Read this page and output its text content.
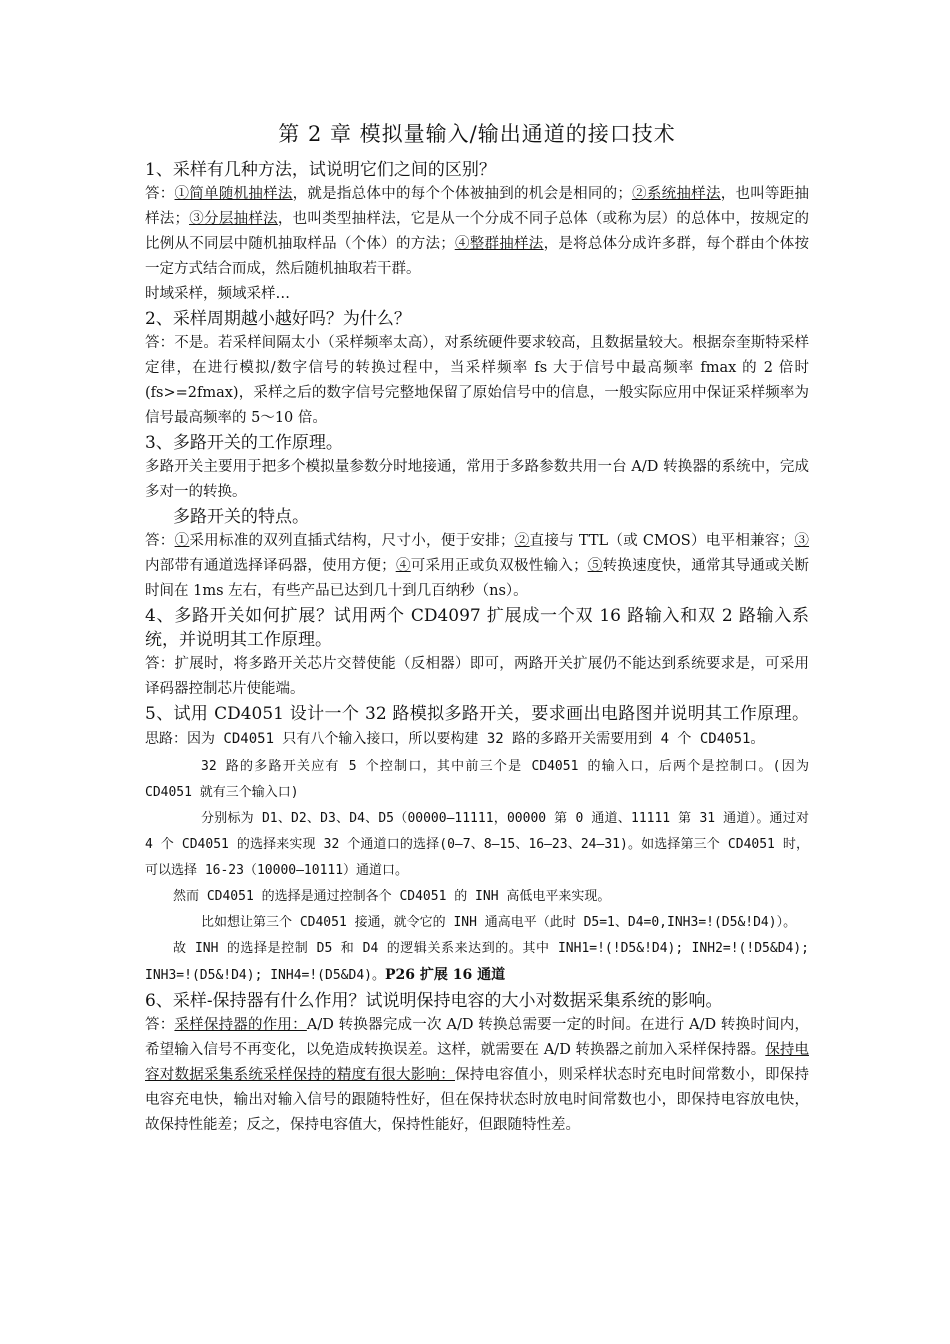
第 2 章 模拟量输入/输出通道的接口技术
1、采样有几种方法，试说明它们之间的区别？
答：①简单随机抽样法，就是指总体中的每个个体被抽到的机会是相同的；②系统抽样法，也叫等距抽样法；③分层抽样法，也叫类型抽样法，它是从一个分成不同子总体（或称为层）的总体中，按规定的比例从不同层中随机抽取样品（个体）的方法；④整群抽样法，是将总体分成许多群，每个群由个体按一定方式结合而成，然后随机抽取若干群。
时域采样，频域采样…
2、采样周期越小越好吗？为什么？
答：不是。若采样间隔太小（采样频率太高），对系统硬件要求较高，且数据量较大。根据奈奎斯特采样定律，在进行模拟/数字信号的转换过程中，当采样频率 fs 大于信号中最高频率 fmax 的 2 倍时(fs>=2fmax)，采样之后的数字信号完整地保留了原始信号中的信息，一般实际应用中保证采样频率为信号最高频率的 5～10 倍。
3、多路开关的工作原理。
多路开关主要用于把多个模拟量参数分时地接通，常用于多路参数共用一台 A/D 转换器的系统中，完成多对一的转换。
多路开关的特点。
答：①采用标准的双列直插式结构，尺寸小，便于安排；②直接与 TTL（或 CMOS）电平相兼容；③内部带有通道选择译码器，使用方便；④可采用正或负双极性输入；⑤转换速度快，通常其导通或关断时间在 1ms 左右，有些产品已达到几十到几百纳秒（ns）。
4、多路开关如何扩展？试用两个 CD4097 扩展成一个双 16 路输入和双 2 路输入系统，并说明其工作原理。
答：扩展时，将多路开关芯片交替使能（反相器）即可，两路开关扩展仍不能达到系统要求是，可采用译码器控制芯片使能端。
5、试用 CD4051 设计一个 32 路模拟多路开关，要求画出电路图并说明其工作原理。 思路：因为 CD4051 只有八个输入接口，所以要构建 32 路的多路开关需要用到 4 个 CD4051。
32 路的多路开关应有 5 个控制口，其中前三个是 CD4051 的输入口，后两个是控制口。(因为 CD4051 就有三个输入口)
分别标为 D1、D2、D3、D4、D5（00000—11111，00000 第 0 通道、11111 第 31 通道）。通过对 4 个 CD4051 的选择来实现 32 个通道口的选择(0—7、8—15、16—23、24—31)。如选择第三个 CD4051 时，可以选择 16-23（10000—10111）通道口。
然而 CD4051 的选择是通过控制各个 CD4051 的 INH 高低电平来实现。
比如想让第三个 CD4051 接通，就令它的 INH 通高电平（此时 D5=1、D4=0,INH3=!(D5&!D4)）。
故 INH 的选择是控制 D5 和 D4 的逻辑关系来达到的。其中 INH1=!(!D5&!D4); INH2=!(!D5&D4); INH3=!(D5&!D4); INH4=!(D5&D4)。P26 扩展 16 通道
6、采样-保持器有什么作用？试说明保持电容的大小对数据采集系统的影响。
答：采样保持器的作用：A/D 转换器完成一次 A/D 转换总需要一定的时间。在进行 A/D 转换时间内，希望输入信号不再变化，以免造成转换误差。这样，就需要在 A/D 转换器之前加入采样保持器。保持电容对数据采集系统采样保持的精度有很大影响：保持电容值小，则采样状态时充电时间常数小，即保持电容充电快，输出对输入信号的跟随特性好，但在保持状态时放电时间常数也小，即保持电容放电快，故保持性能差；反之，保持电容值大，保持性能好，但跟随特性差。
